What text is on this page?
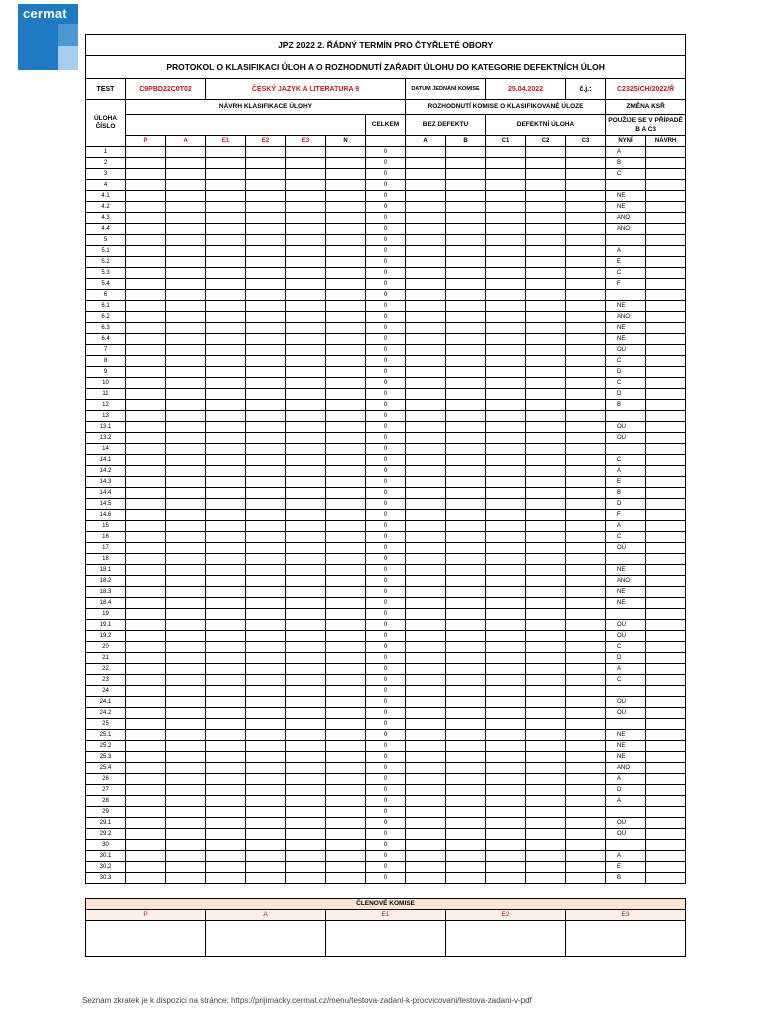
cermat
JPZ 2022 2. ŘÁDNÝ TERMÍN PRO ČTYŘLETÉ OBORY														
PROTOKOL O KLASIFIKACI ÚLOH A O ROZHODNUTÍ ZAŘADIT ÚLOHU DO KATEGORIE DEFEKTNÍCH ÚLOH														
TEST	C9PBD22C0T02		ČESKÝ JAZYK A LITERATURA 9					DATUM JEDNÁNÍ KOMISE		25.04.2022		č.j.:	C2325/CH/2022/Ř	
ÚLOHA ČÍSLO	NÁVRH KLASIFIKACE ÚLOHY							ROZHODNUTÍ KOMISE O KLASIFIKOVANÉ ÚLOZE					ZMĚNA KSŘ	
							CELKEM	BEZ DEFEKTU		DEFEKTNÍ ÚLOHA			POUŽIJE SE V PŘÍPADĚ B A C3	
	P	A	E1	E2	E3	N		A	B	C1	C2	C3	NYNÍ	NÁVRH
1							0						A	
2							0						B	
3							0						C	
4							0							
4.1							0						NE	
4.2							0						NE	
4.3							0						ANO	
4.4							0						ANO	
5							0							
5.1							0						A	
5.2							0						E	
5.3							0						C	
5.4							0						F	
6							0							
6.1							0						NE	
6.2							0						ANO	
6.3							0						NE	
6.4							0						NE	
7							0						OÚ	
8							0						C	
9							0						D	
10							0						C	
11							0						D	
12							0						B	
13							0							
13.1							0						OÚ	
13.2							0						OÚ	
14							0							
14.1							0						C	
14.2							0						A	
14.3							0						E	
14.4							0						B	
14.5							0						D	
14.6							0						F	
15							0						A	
16							0						C	
17							0						OÚ	
18							0							
18.1							0						NE	
18.2							0						ANO	
18.3							0						NE	
18.4							0						NE	
19							0							
19.1							0						OÚ	
19.2							0						OÚ	
20							0						C	
21							0						D	
22							0						A	
23							0						C	
24							0							
24.1							0						OÚ	
24.2							0						OÚ	
25							0							
25.1							0						NE	
25.2							0						NE	
25.3							0						NE	
25.4							0						ANO	
26							0						A	
27							0						D	
28							0						A	
29							0							
29.1							0						OÚ	
29.2							0						OÚ	
30							0							
30.1							0						A	
30.2							0						E	
30.3							0						B	
ČLENOVÉ KOMISE				
P	A	E1	E2	E3

Seznam zkratek je k dispozici na stránce: https://prijimacky.cermat.cz/menu/testova-zadani-k-procvicovani/testova-zadani-v-pdf
